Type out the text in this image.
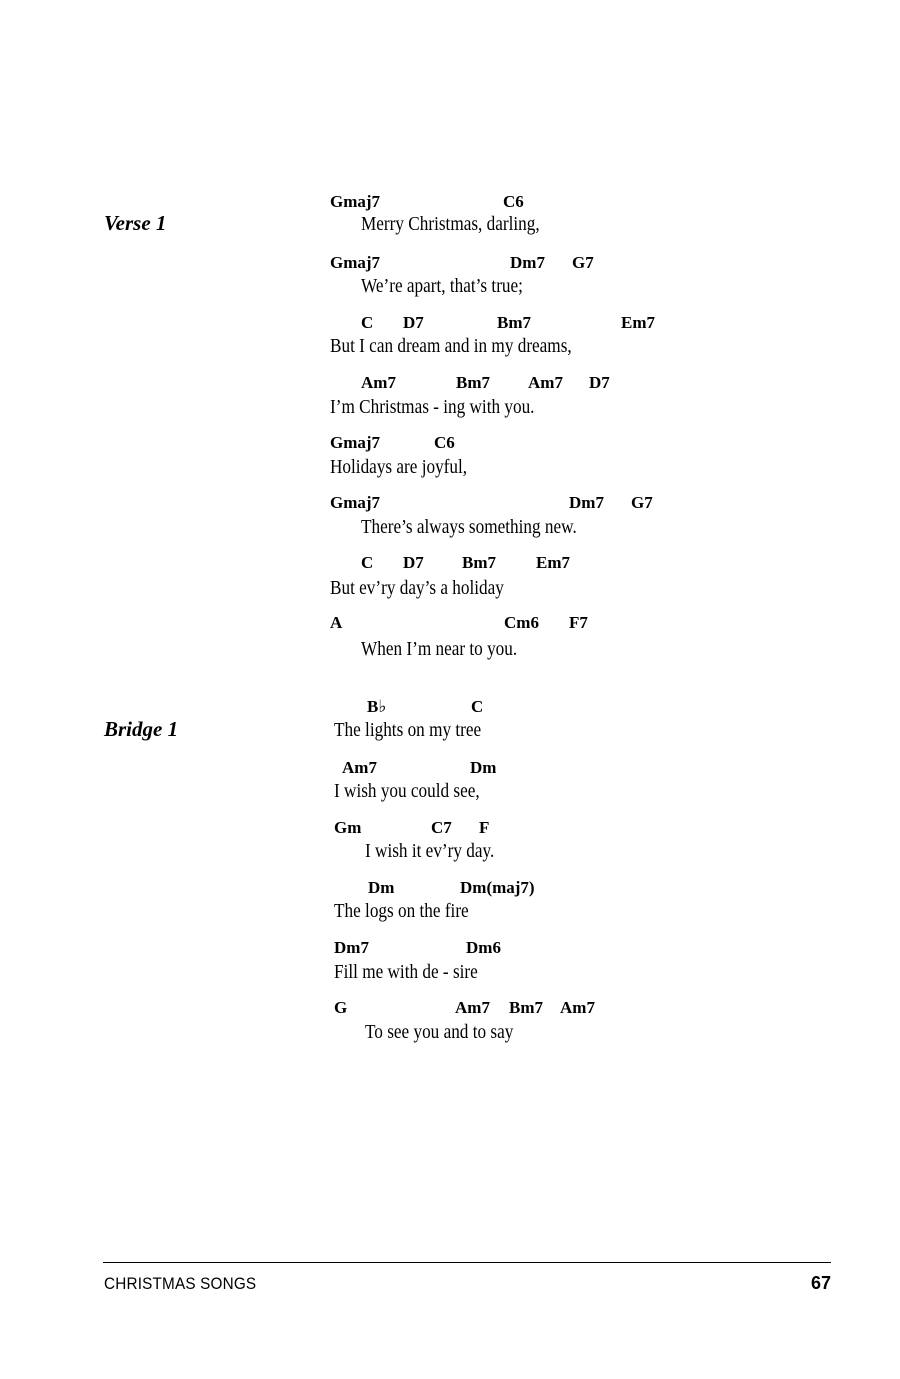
Verse 1
Bridge 1
Gmaj7	C6
Merry Christmas, darling,
Gmaj7	Dm7 G7
We’re apart, that’s true;
C D7	Bm7	Em7
But I can dream and in my dreams,
Am7	Bm7 Am7 D7
I’m Christmas - ing with you.
Gmaj7	C6
Holidays are joyful,
Gmaj7	Dm7 G7
There’s always something new.
C D7 Bm7 Em7
But ev’ry day’s a holiday
A	Cm6 F7
When I’m near to you.
B♭	C
The lights on my tree
Am7	Dm
I wish you could see,
Gm	C7 F
I wish it ev’ry day.
Dm	Dm(maj7)
The logs on the fire
Dm7	Dm6
Fill me with de - sire
G	Am7 Bm7 Am7
To see you and to say
CHRISTMAS SONGS	67
